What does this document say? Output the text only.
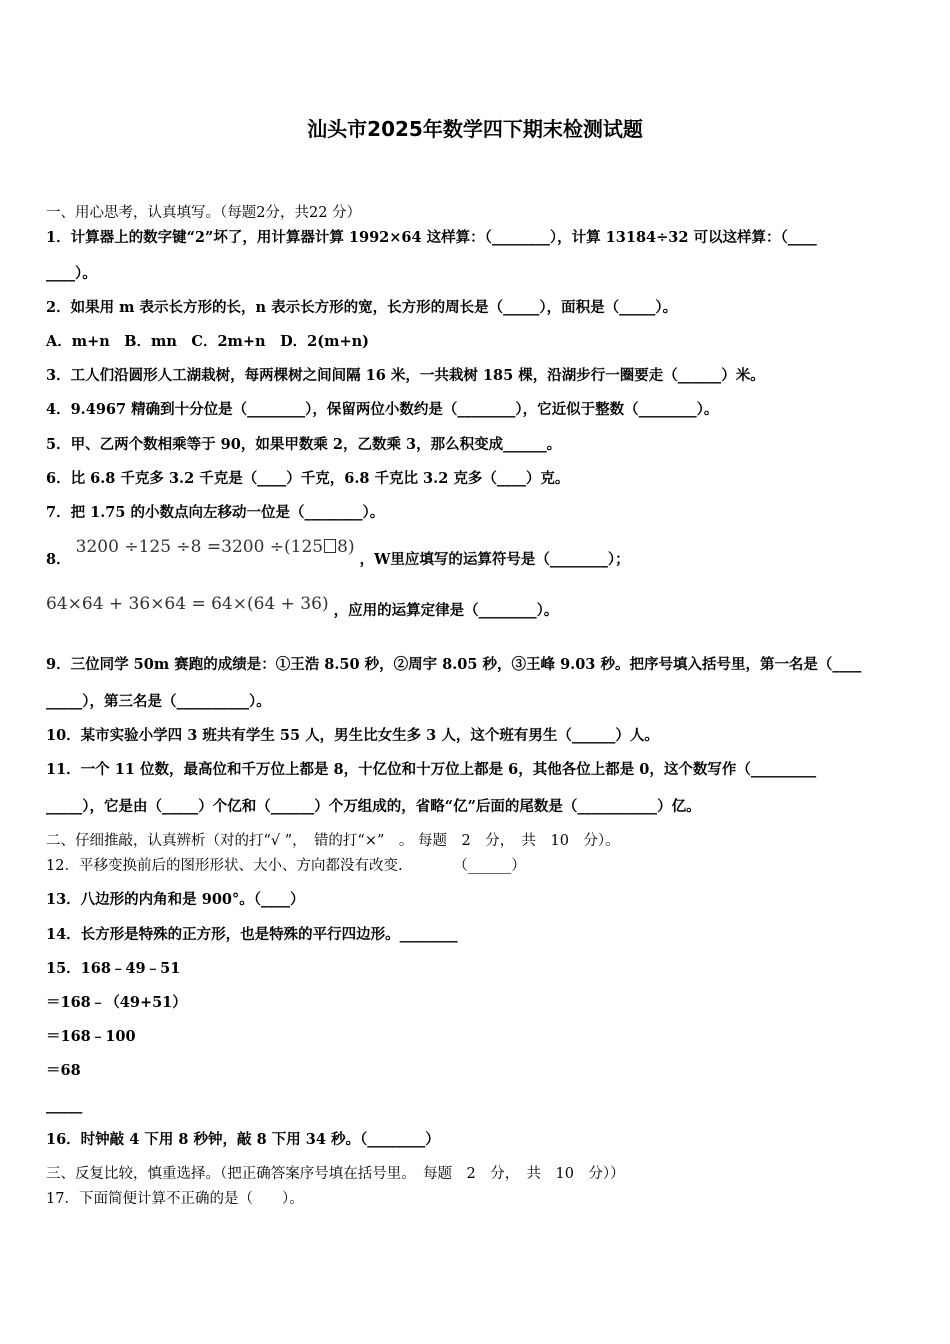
汕头市2025年数学四下期末检测试题
一、用心思考，认真填写。（每题2分，共22 分）
1．计算器上的数字键“2”坏了，用计算器计算 1992×64 这样算：（________），计算 13184÷32 可以这样算：（____
____）。
2．如果用 m 表示长方形的长，n 表示长方形的宽，长方形的周长是（_____），面积是（_____）。
A．m+n　B．mn　C．2m+n　D．2(m+n)
3．工人们沿圆形人工湖栽树，每两棵树之间间隔 16 米，一共栽树 185 棵，沿湖步行一圈要走（______）米。
4．9.4967 精确到十分位是（________），保留两位小数约是（________），它近似于整数（________）。
5．甲、乙两个数相乘等于 90，如果甲数乘 2，乙数乘 3，那么积变成______。
6．比 6.8 千克多 3.2 千克是（____）千克，6.8 千克比 3.2 克多（____）克。
7．把 1.75 的小数点向左移动一位是（________）。
8． 3200 ÷125 ÷8 =3200 ÷(125 8) ，W里应填写的运算符号是（________）；
64×64 + 36×64 = 64×(64 + 36) ，应用的运算定律是（________）。
9．三位同学 50m 赛跑的成绩是：①王浩 8.50 秒，②周宇 8.05 秒，③王峰 9.03 秒。把序号填入括号里，第一名是（____
_____），第三名是（__________）。
10．某市实验小学四 3 班共有学生 55 人，男生比女生多 3 人，这个班有男生（______）人。
11．一个 11 位数，最高位和千万位上都是 8，十亿位和十万位上都是 6，其他各位上都是 0，这个数写作（_________
_____），它是由（_____）个亿和（______）个万组成的，省略“亿”后面的尾数是（___________）亿。
二、仔细推敲，认真辨析（对的打“√ ”，　错的打“×”　。 每题　2　分，　共　10　分）。
12．平移变换前后的图形形状、大小、方向都没有改变.　　　　（______）
13．八边形的内角和是 900°。（____）
14．长方形是特殊的正方形，也是特殊的平行四边形。________
15．168﹣49﹣51
＝168﹣（49+51）
＝168﹣100
＝68
_____
16．时钟敲 4 下用 8 秒钟，敲 8 下用 34 秒。（________）
三、反复比较，慎重选择。（把正确答案序号填在括号里。　每题　2　分，　共　10　分））
17．下面简便计算不正确的是（　　）。
